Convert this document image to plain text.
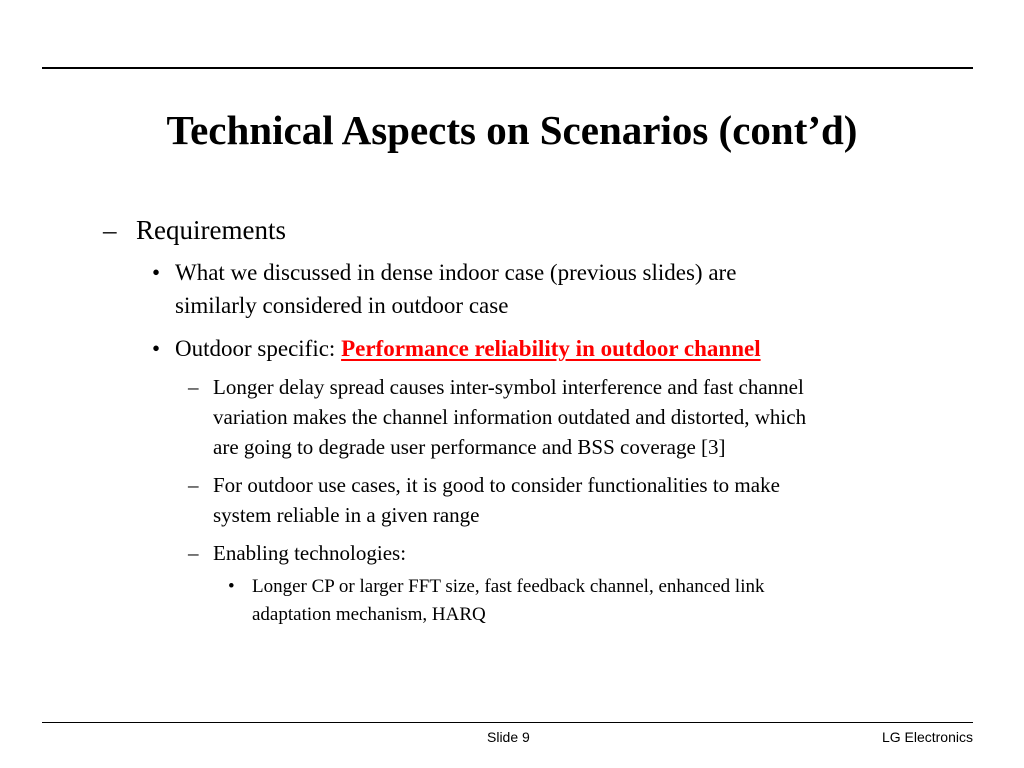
Technical Aspects on Scenarios (cont’d)
– Requirements
• What we discussed in dense indoor case (previous slides) are
similarly considered in outdoor case
• Outdoor specific: Performance reliability in outdoor channel
– Longer delay spread causes inter-symbol interference and fast channel
variation makes the channel information outdated and distorted, which
are going to degrade user performance and BSS coverage [3]
– For outdoor use cases, it is good to consider functionalities to make
system reliable in a given range
– Enabling technologies:
• Longer CP or larger FFT size, fast feedback channel, enhanced link
adaptation mechanism, HARQ
Slide 9	LG Electronics
